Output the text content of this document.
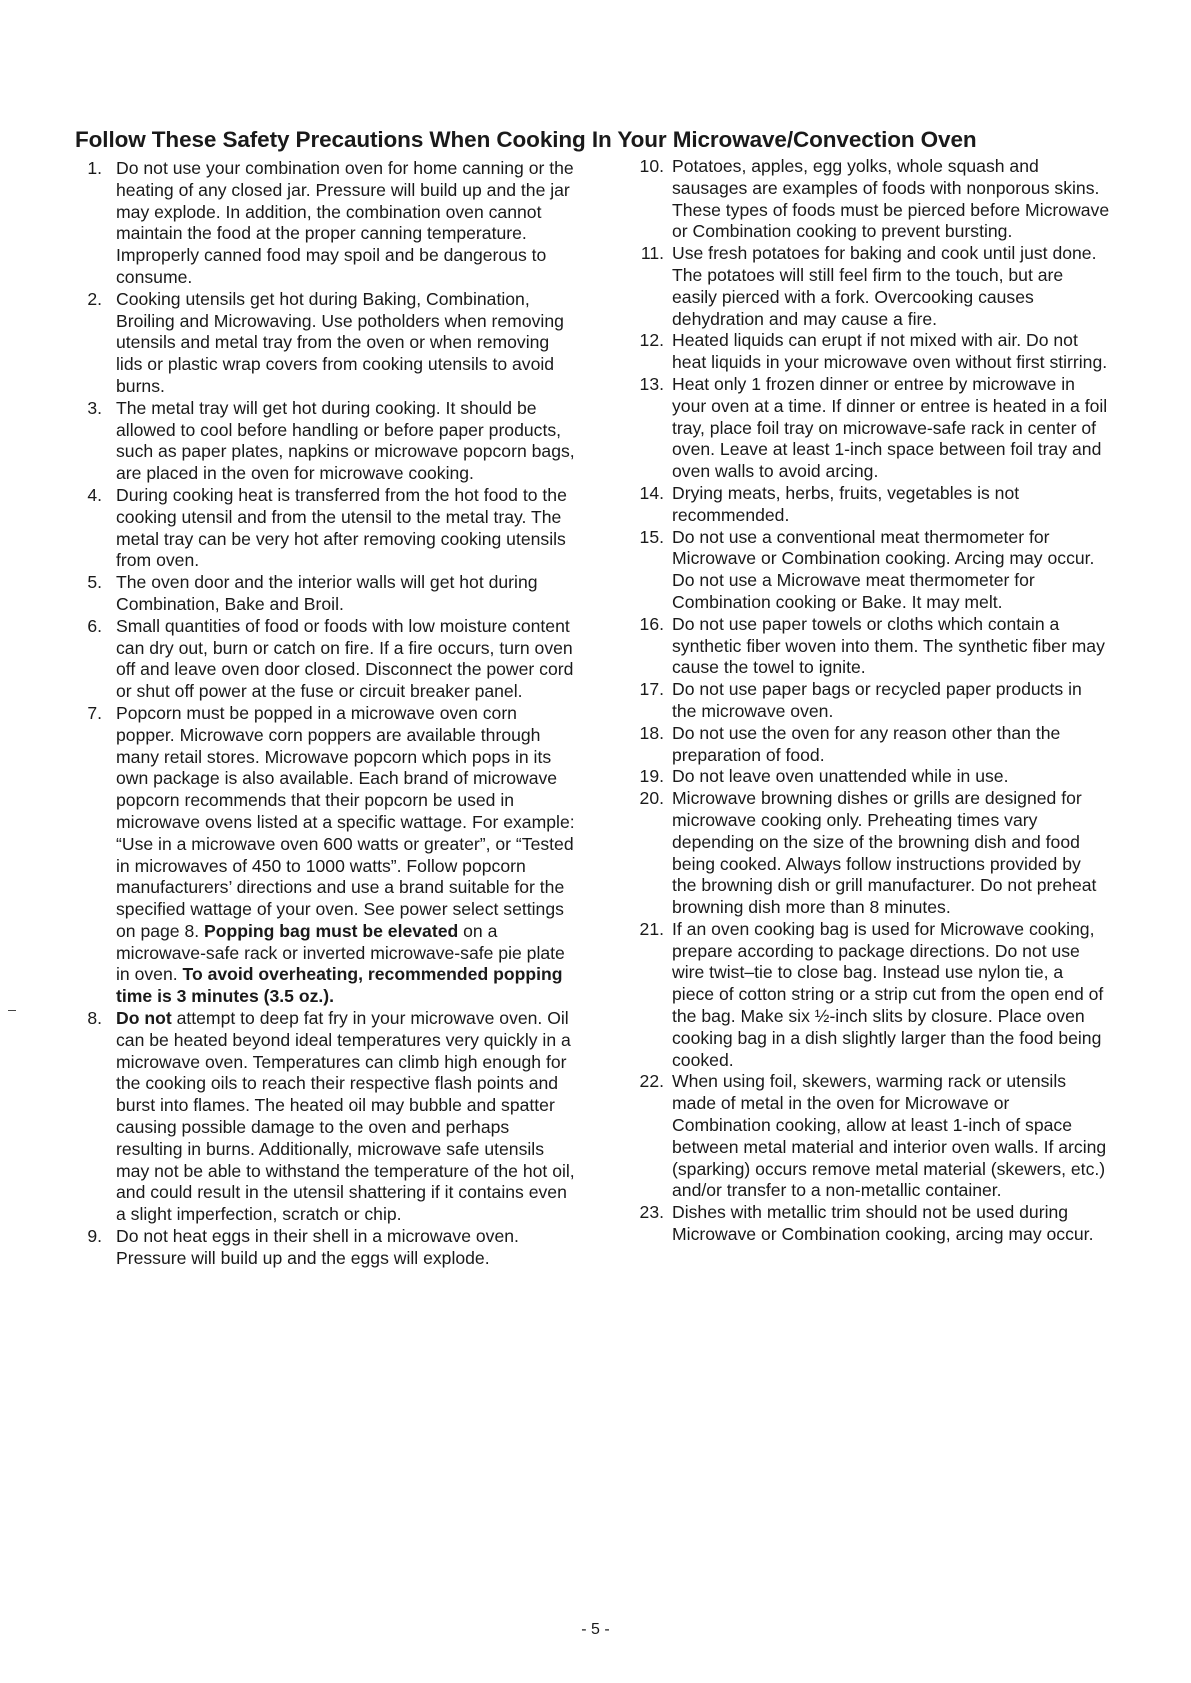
Follow These Safety Precautions When Cooking In Your Microwave/Convection Oven
1. Do not use your combination oven for home canning or the heating of any closed jar. Pressure will build up and the jar may explode. In addition, the combination oven cannot maintain the food at the proper canning temperature. Improperly canned food may spoil and be dangerous to consume.
2. Cooking utensils get hot during Baking, Combination, Broiling and Microwaving. Use potholders when removing utensils and metal tray from the oven or when removing lids or plastic wrap covers from cooking utensils to avoid burns.
3. The metal tray will get hot during cooking. It should be allowed to cool before handling or before paper products, such as paper plates, napkins or microwave popcorn bags, are placed in the oven for microwave cooking.
4. During cooking heat is transferred from the hot food to the cooking utensil and from the utensil to the metal tray. The metal tray can be very hot after removing cooking utensils from oven.
5. The oven door and the interior walls will get hot during Combination, Bake and Broil.
6. Small quantities of food or foods with low moisture content can dry out, burn or catch on fire. If a fire occurs, turn oven off and leave oven door closed. Disconnect the power cord or shut off power at the fuse or circuit breaker panel.
7. Popcorn must be popped in a microwave oven corn popper. Microwave corn poppers are available through many retail stores. Microwave popcorn which pops in its own package is also available. Each brand of microwave popcorn recommends that their popcorn be used in microwave ovens listed at a specific wattage. For example: “Use in a microwave oven 600 watts or greater”, or “Tested in microwaves of 450 to 1000 watts”. Follow popcorn manufacturers’ directions and use a brand suitable for the specified wattage of your oven. See power select settings on page 8. Popping bag must be elevated on a microwave-safe rack or inverted microwave-safe pie plate in oven. To avoid overheating, recommended popping time is 3 minutes (3.5 oz.).
8. Do not attempt to deep fat fry in your microwave oven. Oil can be heated beyond ideal temperatures very quickly in a microwave oven. Temperatures can climb high enough for the cooking oils to reach their respective flash points and burst into flames. The heated oil may bubble and spatter causing possible damage to the oven and perhaps resulting in burns. Additionally, microwave safe utensils may not be able to withstand the temperature of the hot oil, and could result in the utensil shattering if it contains even a slight imperfection, scratch or chip.
9. Do not heat eggs in their shell in a microwave oven. Pressure will build up and the eggs will explode.
10. Potatoes, apples, egg yolks, whole squash and sausages are examples of foods with nonporous skins. These types of foods must be pierced before Microwave or Combination cooking to prevent bursting.
11. Use fresh potatoes for baking and cook until just done. The potatoes will still feel firm to the touch, but are easily pierced with a fork. Overcooking causes dehydration and may cause a fire.
12. Heated liquids can erupt if not mixed with air. Do not heat liquids in your microwave oven without first stirring.
13. Heat only 1 frozen dinner or entree by microwave in your oven at a time. If dinner or entree is heated in a foil tray, place foil tray on microwave-safe rack in center of oven. Leave at least 1-inch space between foil tray and oven walls to avoid arcing.
14. Drying meats, herbs, fruits, vegetables is not recommended.
15. Do not use a conventional meat thermometer for Microwave or Combination cooking. Arcing may occur. Do not use a Microwave meat thermometer for Combination cooking or Bake. It may melt.
16. Do not use paper towels or cloths which contain a synthetic fiber woven into them. The synthetic fiber may cause the towel to ignite.
17. Do not use paper bags or recycled paper products in the microwave oven.
18. Do not use the oven for any reason other than the preparation of food.
19. Do not leave oven unattended while in use.
20. Microwave browning dishes or grills are designed for microwave cooking only. Preheating times vary depending on the size of the browning dish and food being cooked. Always follow instructions provided by the browning dish or grill manufacturer. Do not preheat browning dish more than 8 minutes.
21. If an oven cooking bag is used for Microwave cooking, prepare according to package directions. Do not use wire twist–tie to close bag. Instead use nylon tie, a piece of cotton string or a strip cut from the open end of the bag. Make six ½-inch slits by closure. Place oven cooking bag in a dish slightly larger than the food being cooked.
22. When using foil, skewers, warming rack or utensils made of metal in the oven for Microwave or Combination cooking, allow at least 1-inch of space between metal material and interior oven walls. If arcing (sparking) occurs remove metal material (skewers, etc.) and/or transfer to a non-metallic container.
23. Dishes with metallic trim should not be used during Microwave or Combination cooking, arcing may occur.
- 5 -
